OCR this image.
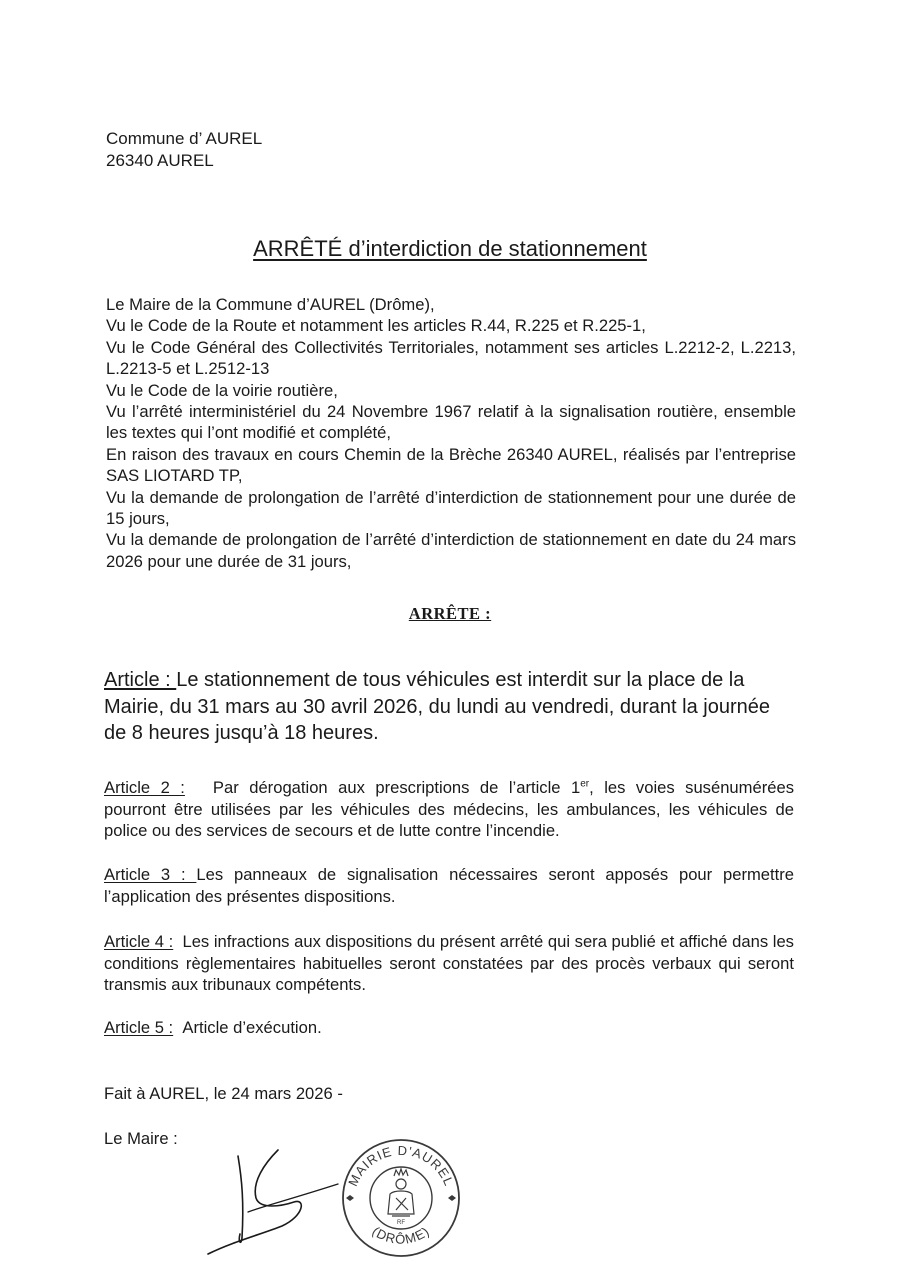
Commune d’ AUREL
26340 AUREL
ARRÊTÉ d’interdiction de stationnement
Le Maire de la Commune d’AUREL (Drôme),
Vu le Code de la Route et notamment les articles R.44, R.225 et R.225-1,
Vu le Code Général des Collectivités Territoriales, notamment ses articles L.2212-2, L.2213, L.2213-5 et L.2512-13
Vu le Code de la voirie routière,
Vu l’arrêté interministériel du 24 Novembre 1967 relatif à la signalisation routière, ensemble les textes qui l’ont modifié et complété,
En raison des travaux en cours Chemin de la Brèche 26340 AUREL, réalisés par l’entreprise SAS LIOTARD TP,
Vu la demande de prolongation de l’arrêté d’interdiction de stationnement pour une durée de 15 jours,
Vu la demande de prolongation de l’arrêté d’interdiction de stationnement en date du 24 mars 2026 pour une durée de 31 jours,
ARRÊTE :
Article : Le stationnement de tous véhicules est interdit sur la place de la Mairie, du 31 mars au 30 avril 2026, du lundi au vendredi, durant la journée de 8 heures jusqu’à 18 heures.
Article 2 : Par dérogation aux prescriptions de l’article 1er, les voies susénumérées pourront être utilisées par les véhicules des médecins, les ambulances, les véhicules de police ou des services de secours et de lutte contre l’incendie.
Article 3 : Les panneaux de signalisation nécessaires seront apposés pour permettre l’application des présentes dispositions.
Article 4 : Les infractions aux dispositions du présent arrêté qui sera publié et affiché dans les conditions règlementaires habituelles seront constatées par des procès verbaux qui seront transmis aux tribunaux compétents.
Article 5 : Article d’exécution.
Fait à AUREL, le 24 mars 2026 -
Le Maire :
MAIRIE D'AUREL
(DRÔME)
RF
